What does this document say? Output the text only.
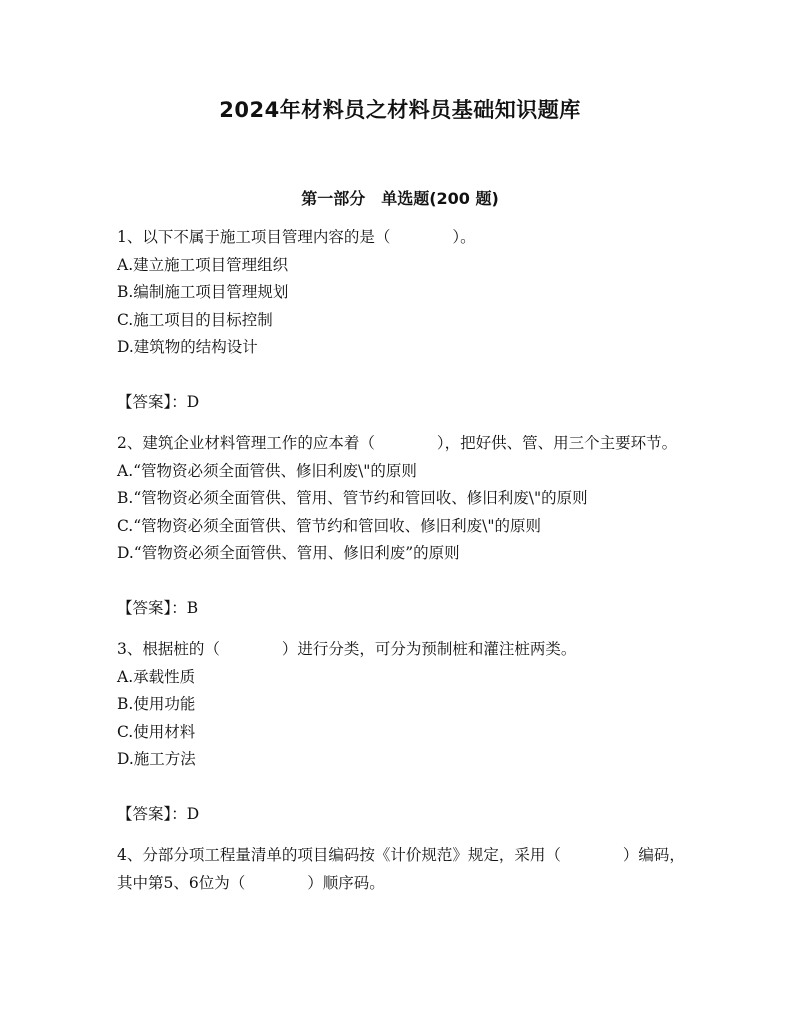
2024年材料员之材料员基础知识题库
第一部分　单选题(200 题)

1、以下不属于施工项目管理内容的是（　　　　）。

A.建立施工项目管理组织

B.编制施工项目管理规划

C.施工项目的目标控制

D.建筑物的结构设计

【答案】：D

2、建筑企业材料管理工作的应本着（　　　　），把好供、管、用三个主要环节。

A.“管物资必须全面管供、修旧利废\"的原则

B.“管物资必须全面管供、管用、管节约和管回收、修旧利废\"的原则

C.“管物资必须全面管供、管节约和管回收、修旧利废\"的原则

D.“管物资必须全面管供、管用、修旧利废”的原则

【答案】：B

3、根据桩的（　　　　）进行分类，可分为预制桩和灌注桩两类。

A.承载性质

B.使用功能

C.使用材料

D.施工方法

【答案】：D

4、分部分项工程量清单的项目编码按《计价规范》规定，采用（　　　　）编码，其中第5、6位为（　　　　）顺序码。
